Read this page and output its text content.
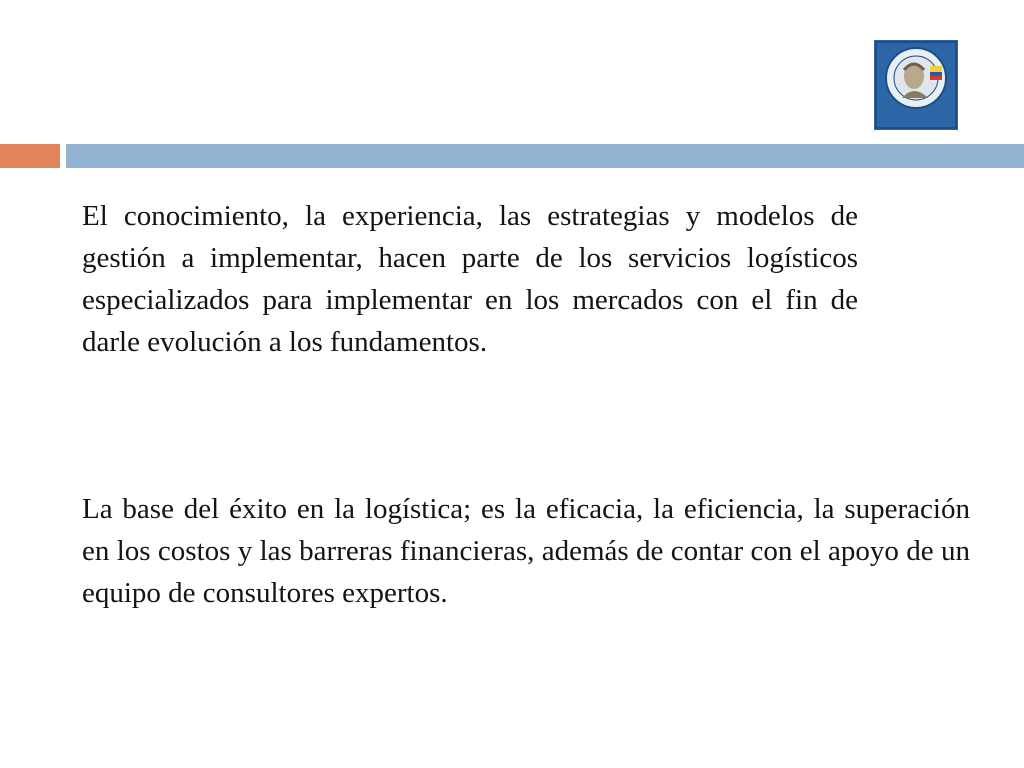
El conocimiento, la experiencia, las estrategias y modelos de gestión a implementar, hacen parte de los servicios logísticos especializados para implementar en los mercados con el fin de darle evolución a los fundamentos.

La base del éxito en la logística; es la eficacia, la eficiencia, la superación en los costos y las barreras financieras, además de contar con el apoyo de un equipo de consultores expertos.
